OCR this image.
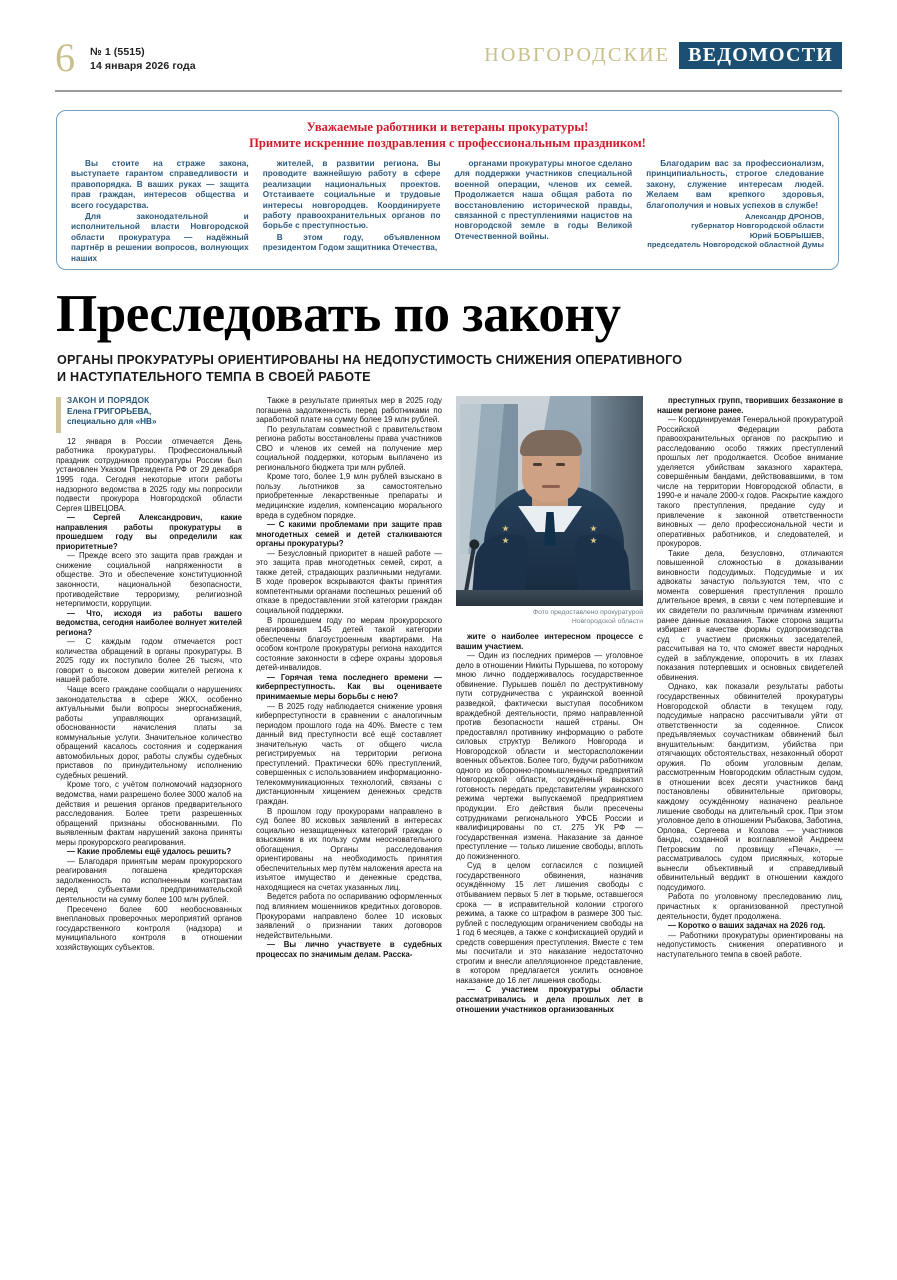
6 № 1 (5515)
14 января 2026 года	НОВГОРОДСКИЕ ВЕДОМОСТИ
Уважаемые работники и ветераны прокуратуры!
Примите искренние поздравления с профессиональным праздником!

Вы стоите на страже закона, выступаете гарантом справедливости и правопорядка. В ваших руках — защита прав граждан, интересов общества и всего государства.

Для законодательной и исполнительной власти Новгородской области прокуратура — надёжный партнёр в решении вопросов, волнующих наших

жителей, в развитии региона. Вы проводите важнейшую работу в сфере реализации национальных проектов. Отстаиваете социальные и трудовые интересы новгородцев. Координируете работу правоохранительных органов по борьбе с преступностью.

В этом году, объявленном президентом Годом защитника Отечества,

органами прокуратуры многое сделано для поддержки участников специальной военной операции, членов их семей. Продолжается наша общая работа по восстановлению исторической правды, связанной с преступлениями нацистов на новгородской земле в годы Великой Отечественной войны.

Благодарим вас за профессионализм, принципиальность, строгое следование закону, служение интересам людей. Желаем вам крепкого здоровья, благополучия и новых успехов в службе!

Александр ДРОНОВ,
губернатор Новгородской области
Юрий БОБРЫШЕВ,
председатель Новгородской областной Думы

Преследовать по закону
ОРГАНЫ ПРОКУРАТУРЫ ОРИЕНТИРОВАНЫ НА НЕДОПУСТИМОСТЬ СНИЖЕНИЯ ОПЕРАТИВНОГО
И НАСТУПАТЕЛЬНОГО ТЕМПА В СВОЕЙ РАБОТЕ
ЗАКОН И ПОРЯДОК
Елена ГРИГОРЬЕВА,
специально для «НВ»

12 января в России отмечается День работника прокуратуры. Профессиональный праздник сотрудников прокуратуры России был установлен Указом Президента РФ от 29 декабря 1995 года. Сегодня некоторые итоги работы надзорного ведомства в 2025 году мы попросили подвести прокурора Новгородской области Сергея ШВЕЦОВА.

— Сергей Александрович, какие направления работы прокуратуры в прошедшем году вы определили как приоритетные?

— Прежде всего это защита прав граждан и снижение социальной напряженности в обществе. Это и обеспечение конституционной законности, национальной безопасности, противодействие терроризму, религиозной нетерпимости, коррупции.

— Что, исходя из работы вашего ведомства, сегодня наиболее волнует жителей региона?

— С каждым годом отмечается рост количества обращений в органы прокуратуры. В 2025 году их поступило более 26 тысяч, что говорит о высоком доверии жителей региона к нашей работе.

Чаще всего граждане сообщали о нарушениях законодательства в сфере ЖКХ, особенно актуальными были вопросы энергоснабжения, работы управляющих организаций, обоснованности начисления платы за коммунальные услуги. Значительное количество обращений касалось состояния и содержания автомобильных дорог, работы службы судебных приставов по принудительному исполнению судебных решений.

Кроме того, с учётом полномочий надзорного ведомства, нами разрешено более 3000 жалоб на действия и решения органов предварительного расследования. Более трети разрешенных обращений признаны обоснованными. По выявленным фактам нарушений закона приняты меры прокурорского реагирования.

— Какие проблемы ещё удалось решить?

— Благодаря принятым мерам прокурорского реагирования погашена кредиторская задолженность по исполненным контрактам перед субъектами предпринимательской деятельности на сумму более 100 млн рублей.

Пресечено более 600 необоснованных внеплановых проверочных мероприятий органов государственного контроля (надзора) и муниципального контроля в отношении хозяйствующих субъектов.

Также в результате принятых мер в 2025 году погашена задолженность перед работниками по заработной плате на сумму более 19 млн рублей.

По результатам совместной с правительством региона работы восстановлены права участников СВО и членов их семей на получение мер социальной поддержки, которым выплачено из регионального бюджета три млн рублей.

Кроме того, более 1,9 млн рублей взыскано в пользу льготников за самостоятельно приобретенные лекарственные препараты и медицинские изделия, компенсацию морального вреда в судебном порядке.

— С какими проблемами при защите прав многодетных семей и детей сталкиваются органы прокуратуры?

— Безусловный приоритет в нашей работе — это защита прав многодетных семей, сирот, а также детей, страдающих различными недугами. В ходе проверок вскрываются факты принятия компетентными органами поспешных решений об отказе в предоставлении этой категории граждан социальной поддержки.

В прошедшем году по мерам прокурорского реагирования 145 детей такой категории обеспечены благоустроенным квартирами. На особом контроле прокуратуры региона находится состояние законности в сфере охраны здоровья детей-инвалидов.

— Горячая тема последнего времени — киберпреступность. Как вы оцениваете принимаемые меры борьбы с нею?

— В 2025 году наблюдается снижение уровня киберпреступности в сравнении с аналогичным периодом прошлого года на 40%. Вместе с тем данный вид преступности всё ещё составляет значительную часть от общего числа регистрируемых на территории региона преступлений. Практически 60% преступлений, совершенных с использованием информационно-телекоммуникационных технологий, связаны с дистанционным хищением денежных средств граждан.

В прошлом году прокурорами направлено в суд более 80 исковых заявлений в интересах социально незащищенных категорий граждан о взыскании в их пользу сумм неосновательного обогащения. Органы расследования ориентированы на необходимость принятия обеспечительных мер путём наложения ареста на изъятое имущество и денежные средства, находящиеся на счетах указанных лиц.

Ведется работа по оспариванию оформленных под влиянием мошенников кредитных договоров. Прокурорами направлено более 10 исковых заявлений о признании таких договоров недействительными.

— Вы лично участвуете в судебных процессах по значимым делам. Расска-

Фото предоставлено прокуратурой
Новгородской области

жите о наиболее интересном процессе с вашим участием.

— Один из последних примеров — уголовное дело в отношении Никиты Пурышева, по которому мною лично поддерживалось государственное обвинение. Пурышев пошёл по деструктивному пути сотрудничества с украинской военной разведкой, фактически выступая пособником враждебной деятельности, прямо направленной против безопасности нашей страны. Он предоставлял противнику информацию о работе силовых структур Великого Новгорода и Новгородской области и месторасположении военных объектов. Более того, будучи работником одного из оборонно-промышленных предприятий Новгородской области, осуждённый выразил готовность передать представителям украинского режима чертежи выпускаемой предприятием продукции. Его действия были пресечены сотрудниками регионального УФСБ России и квалифицированы по ст. 275 УК РФ — государственная измена. Наказание за данное преступление — только лишение свободы, вплоть до пожизненного.

Суд в целом согласился с позицией государственного обвинения, назначив осуждённому 15 лет лишения свободы с отбыванием первых 5 лет в тюрьме, оставшегося срока — в исправительной колонии строгого режима, а также со штрафом в размере 300 тыс. рублей с последующим ограничением свободы на 1 год 6 месяцев, а также с конфискацией орудий и средств совершения преступления. Вместе с тем мы посчитали и это наказание недостаточно строгим и внесли апелляционное представление, в котором предлагается усилить основное наказание до 16 лет лишения свободы.

— С участием прокуратуры области рассматривались и дела прошлых лет в отношении участников организованных

преступных групп, творивших беззаконие в нашем регионе ранее.

— Координируемая Генеральной прокуратурой Российской Федерации работа правоохранительных органов по раскрытию и расследованию особо тяжких преступлений прошлых лет продолжается. Особое внимание уделяется убийствам заказного характера, совершённым бандами, действовавшими, в том числе на территории Новгородской области, в 1990-е и начале 2000-х годов. Раскрытие каждого такого преступления, предание суду и привлечение к законной ответственности виновных — дело профессиональной чести и оперативных работников, и следователей, и прокуроров.

Такие дела, безусловно, отличаются повышенной сложностью в доказывании виновности подсудимых. Подсудимые и их адвокаты зачастую пользуются тем, что с момента совершения преступления прошло длительное время, в связи с чем потерпевшие и их свидетели по различным причинам изменяют ранее данные показания. Также сторона защиты избирает в качестве формы судопроизводства суд с участием присяжных заседателей, рассчитывая на то, что сможет ввести народных судей в заблуждение, опорочить в их глазах показания потерпевших и основных свидетелей обвинения.

Однако, как показали результаты работы государственных обвинителей прокуратуры Новгородской области в текущем году, подсудимые напрасно рассчитывали уйти от ответственности за содеянное. Список предъявляемых соучастникам обвинений был внушительным: бандитизм, убийства при отягчающих обстоятельствах, незаконный оборот оружия. По обоим уголовным делам, рассмотренным Новгородским областным судом, в отношении всех десяти участников банд постановлены обвинительные приговоры, каждому осуждённому назначено реальное лишение свободы на длительный срок. При этом уголовное дело в отношении Рыбакова, Заботина, Орлова, Сергеева и Козлова — участников банды, созданной и возглавляемой Андреем Петровским по прозвищу «Печак», — рассматривалось судом присяжных, которые вынесли объективный и справедливый обвинительный вердикт в отношении каждого подсудимого.

Работа по уголовному преследованию лиц, причастных к организованной преступной деятельности, будет продолжена.

— Коротко о ваших задачах на 2026 год.

— Работники прокуратуры ориентированы на недопустимость снижения оперативного и наступательного темпа в своей работе.
